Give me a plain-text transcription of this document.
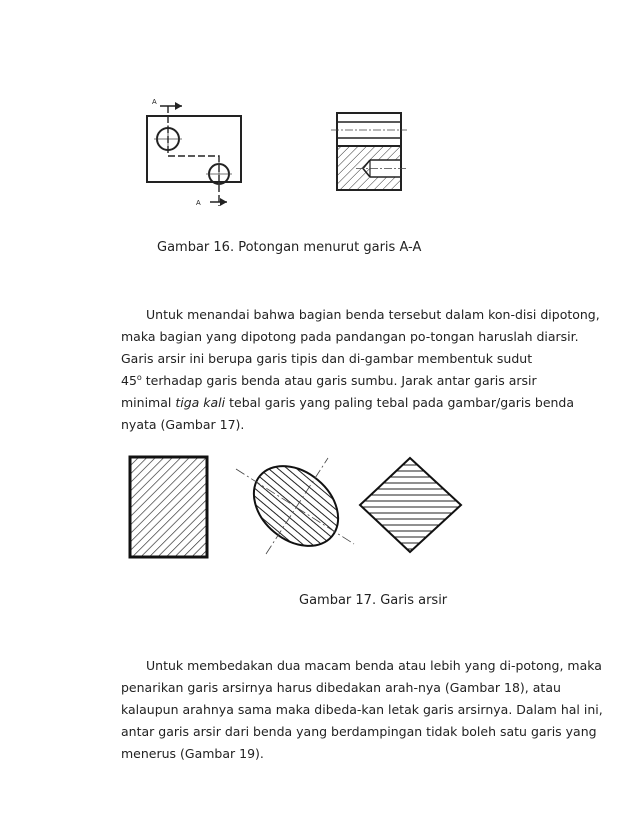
A
A
Gambar 16. Potongan menurut garis A-A
Untuk menandai bahwa bagian benda tersebut dalam kon-disi dipotong,
maka bagian yang dipotong pada pandangan po-tongan haruslah diarsir.
Garis arsir ini berupa garis tipis dan di-gambar membentuk sudut
45$^o$ terhadap garis benda atau garis sumbu. Jarak antar garis arsir
minimal tiga kali tebal garis yang paling tebal pada gambar/garis benda
nyata (Gambar 17).
Gambar 17. Garis arsir
Untuk membedakan dua macam benda atau lebih yang di-potong, maka
penarikan garis arsirnya harus dibedakan arah-nya (Gambar 18), atau
kalaupun arahnya sama maka dibeda-kan letak garis arsirnya. Dalam hal ini,
antar garis arsir dari benda yang berdampingan tidak boleh satu garis yang
menerus (Gambar 19).
